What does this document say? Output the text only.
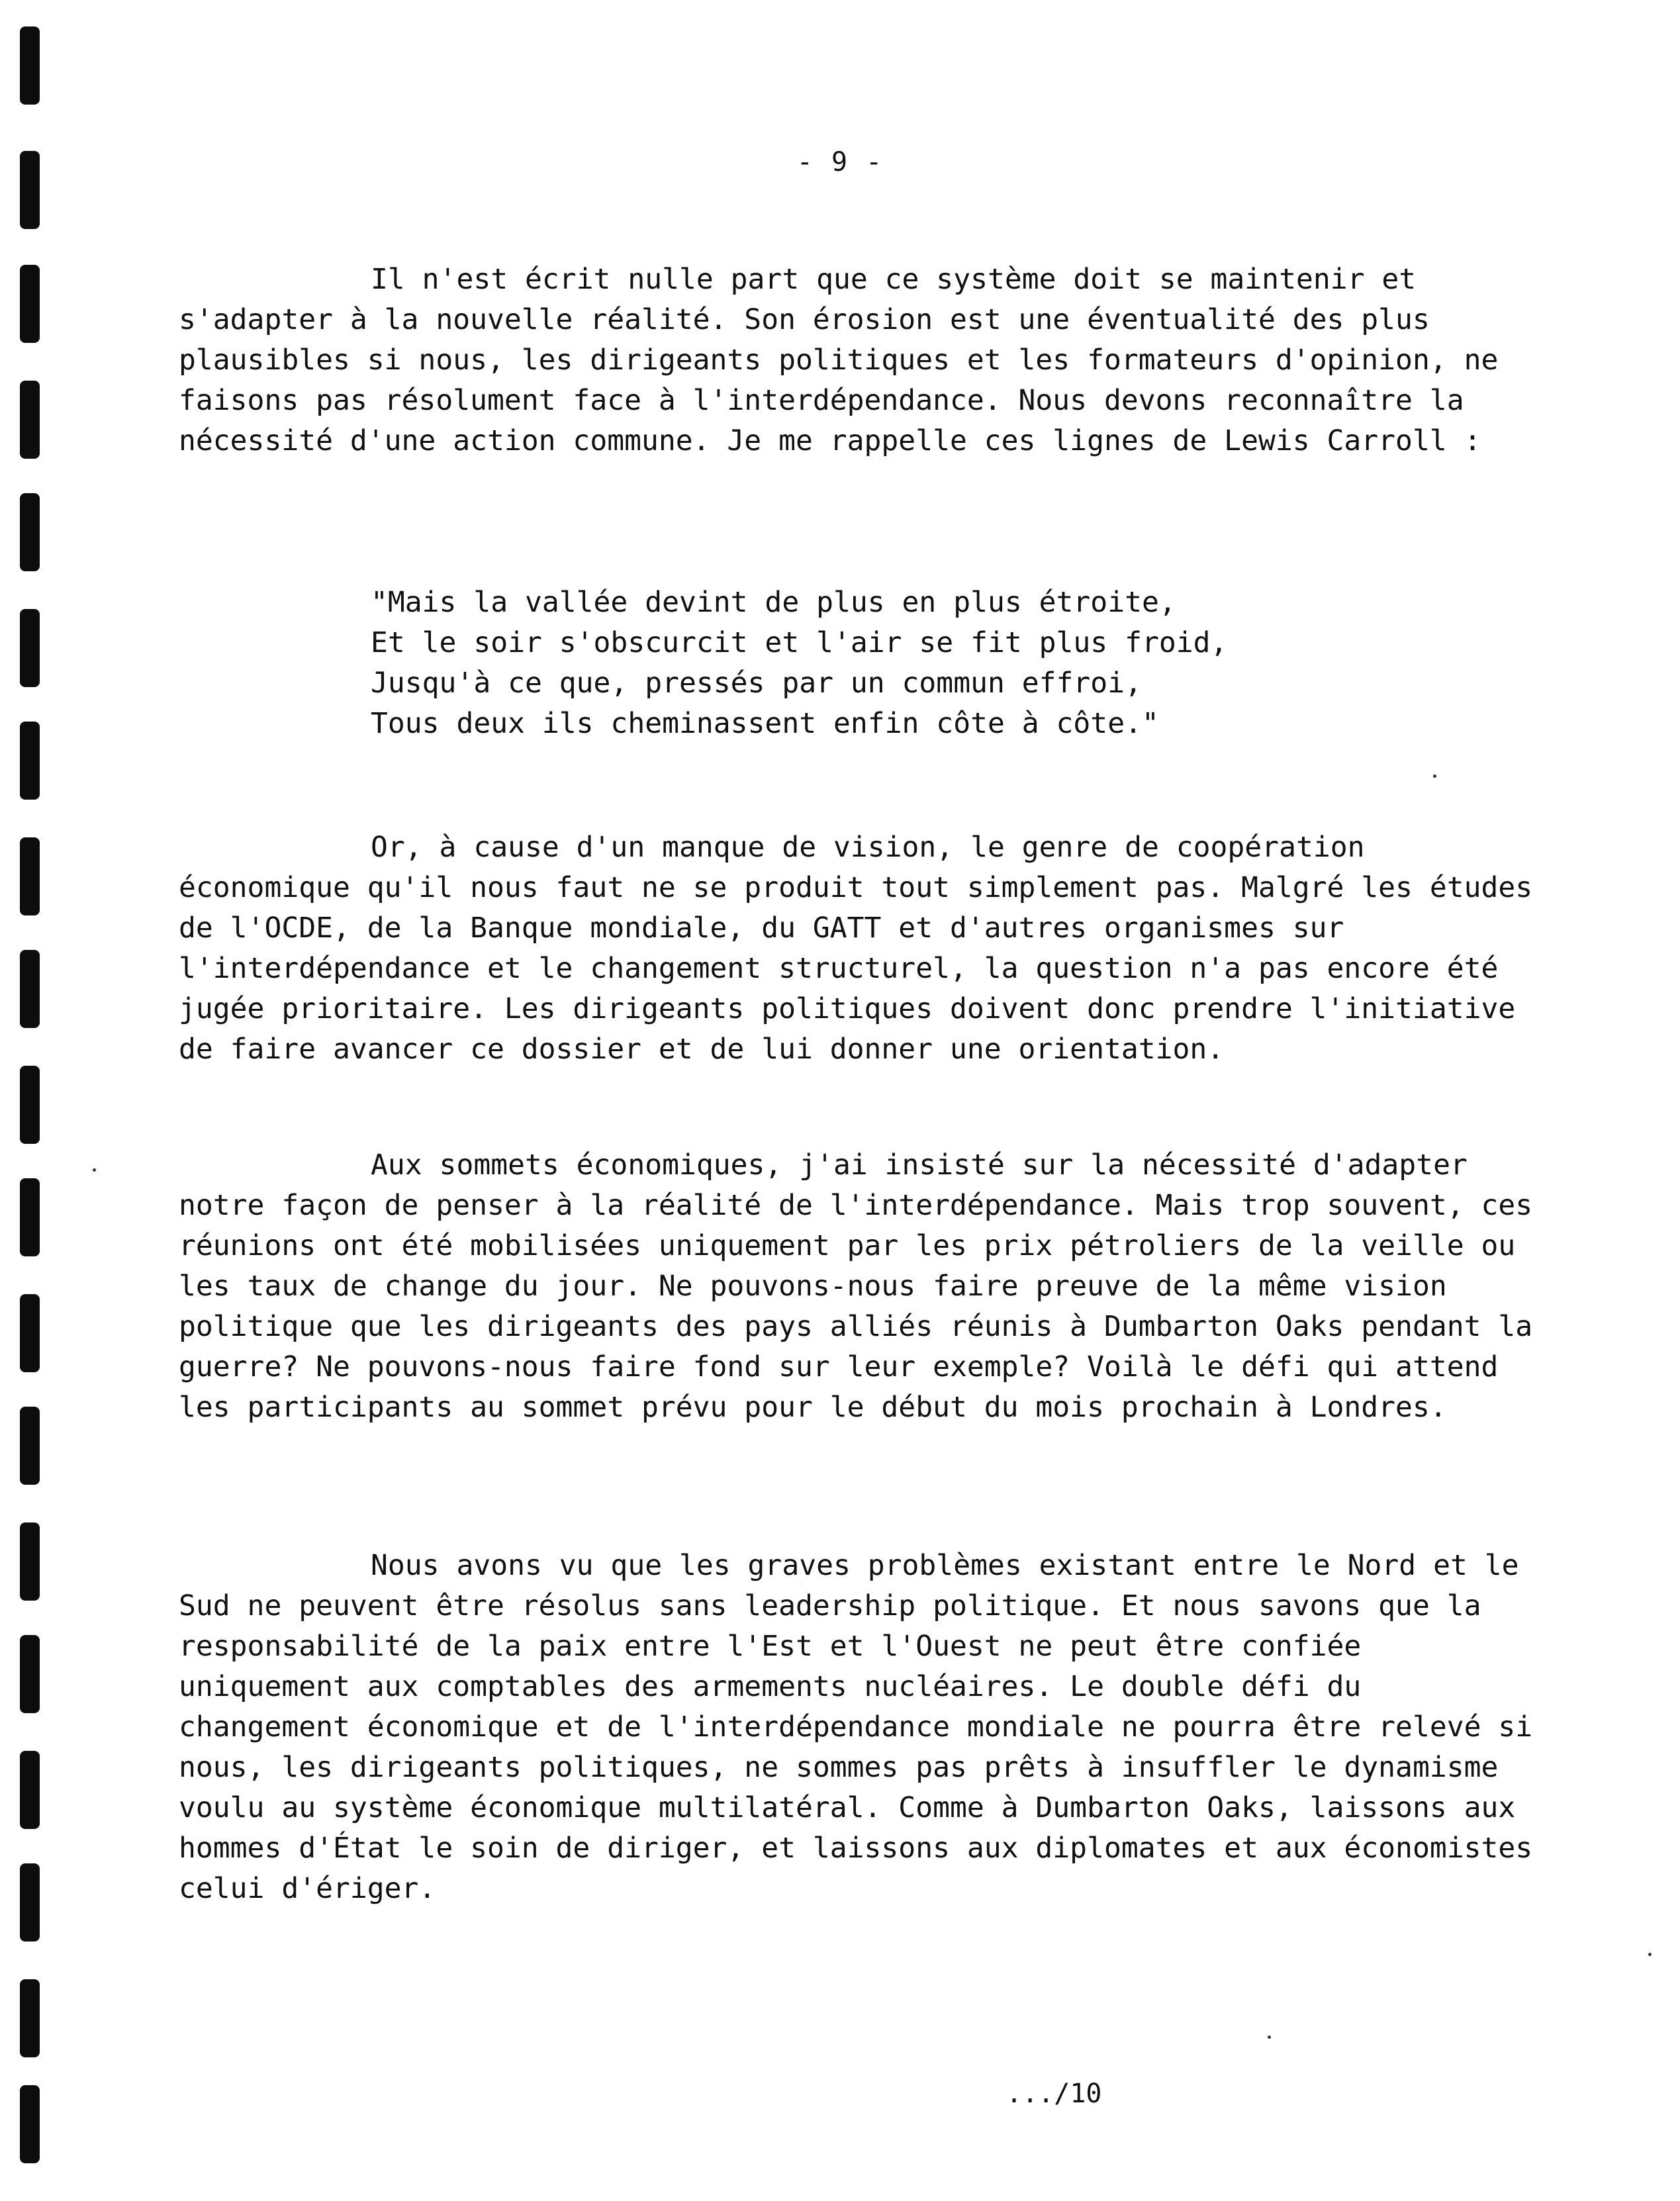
- 9 -

Il n'est écrit nulle part que ce système doit se maintenir et s'adapter à la nouvelle réalité. Son érosion est une éventualité des plus plausibles si nous, les dirigeants politiques et les formateurs d'opinion, ne faisons pas résolument face à l'interdépendance. Nous devons reconnaître la nécessité d'une action commune. Je me rappelle ces lignes de Lewis Carroll :

"Mais la vallée devint de plus en plus étroite,
Et le soir s'obscurcit et l'air se fit plus froid,
Jusqu'à ce que, pressés par un commun effroi,
Tous deux ils cheminassent enfin côte à côte."

Or, à cause d'un manque de vision, le genre de coopération économique qu'il nous faut ne se produit tout simplement pas. Malgré les études de l'OCDE, de la Banque mondiale, du GATT et d'autres organismes sur l'interdépendance et le changement structurel, la question n'a pas encore été jugée prioritaire. Les dirigeants politiques doivent donc prendre l'initiative de faire avancer ce dossier et de lui donner une orientation.

Aux sommets économiques, j'ai insisté sur la nécessité d'adapter notre façon de penser à la réalité de l'interdépendance. Mais trop souvent, ces réunions ont été mobilisées uniquement par les prix pétroliers de la veille ou les taux de change du jour. Ne pouvons-nous faire preuve de la même vision politique que les dirigeants des pays alliés réunis à Dumbarton Oaks pendant la guerre? Ne pouvons-nous faire fond sur leur exemple? Voilà le défi qui attend les participants au sommet prévu pour le début du mois prochain à Londres.

Nous avons vu que les graves problèmes existant entre le Nord et le Sud ne peuvent être résolus sans leadership politique. Et nous savons que la responsabilité de la paix entre l'Est et l'Ouest ne peut être confiée uniquement aux comptables des armements nucléaires. Le double défi du changement économique et de l'interdépendance mondiale ne pourra être relevé si nous, les dirigeants politiques, ne sommes pas prêts à insuffler le dynamisme voulu au système économique multilatéral. Comme à Dumbarton Oaks, laissons aux hommes d'État le soin de diriger, et laissons aux diplomates et aux économistes celui d'ériger.

.../10
